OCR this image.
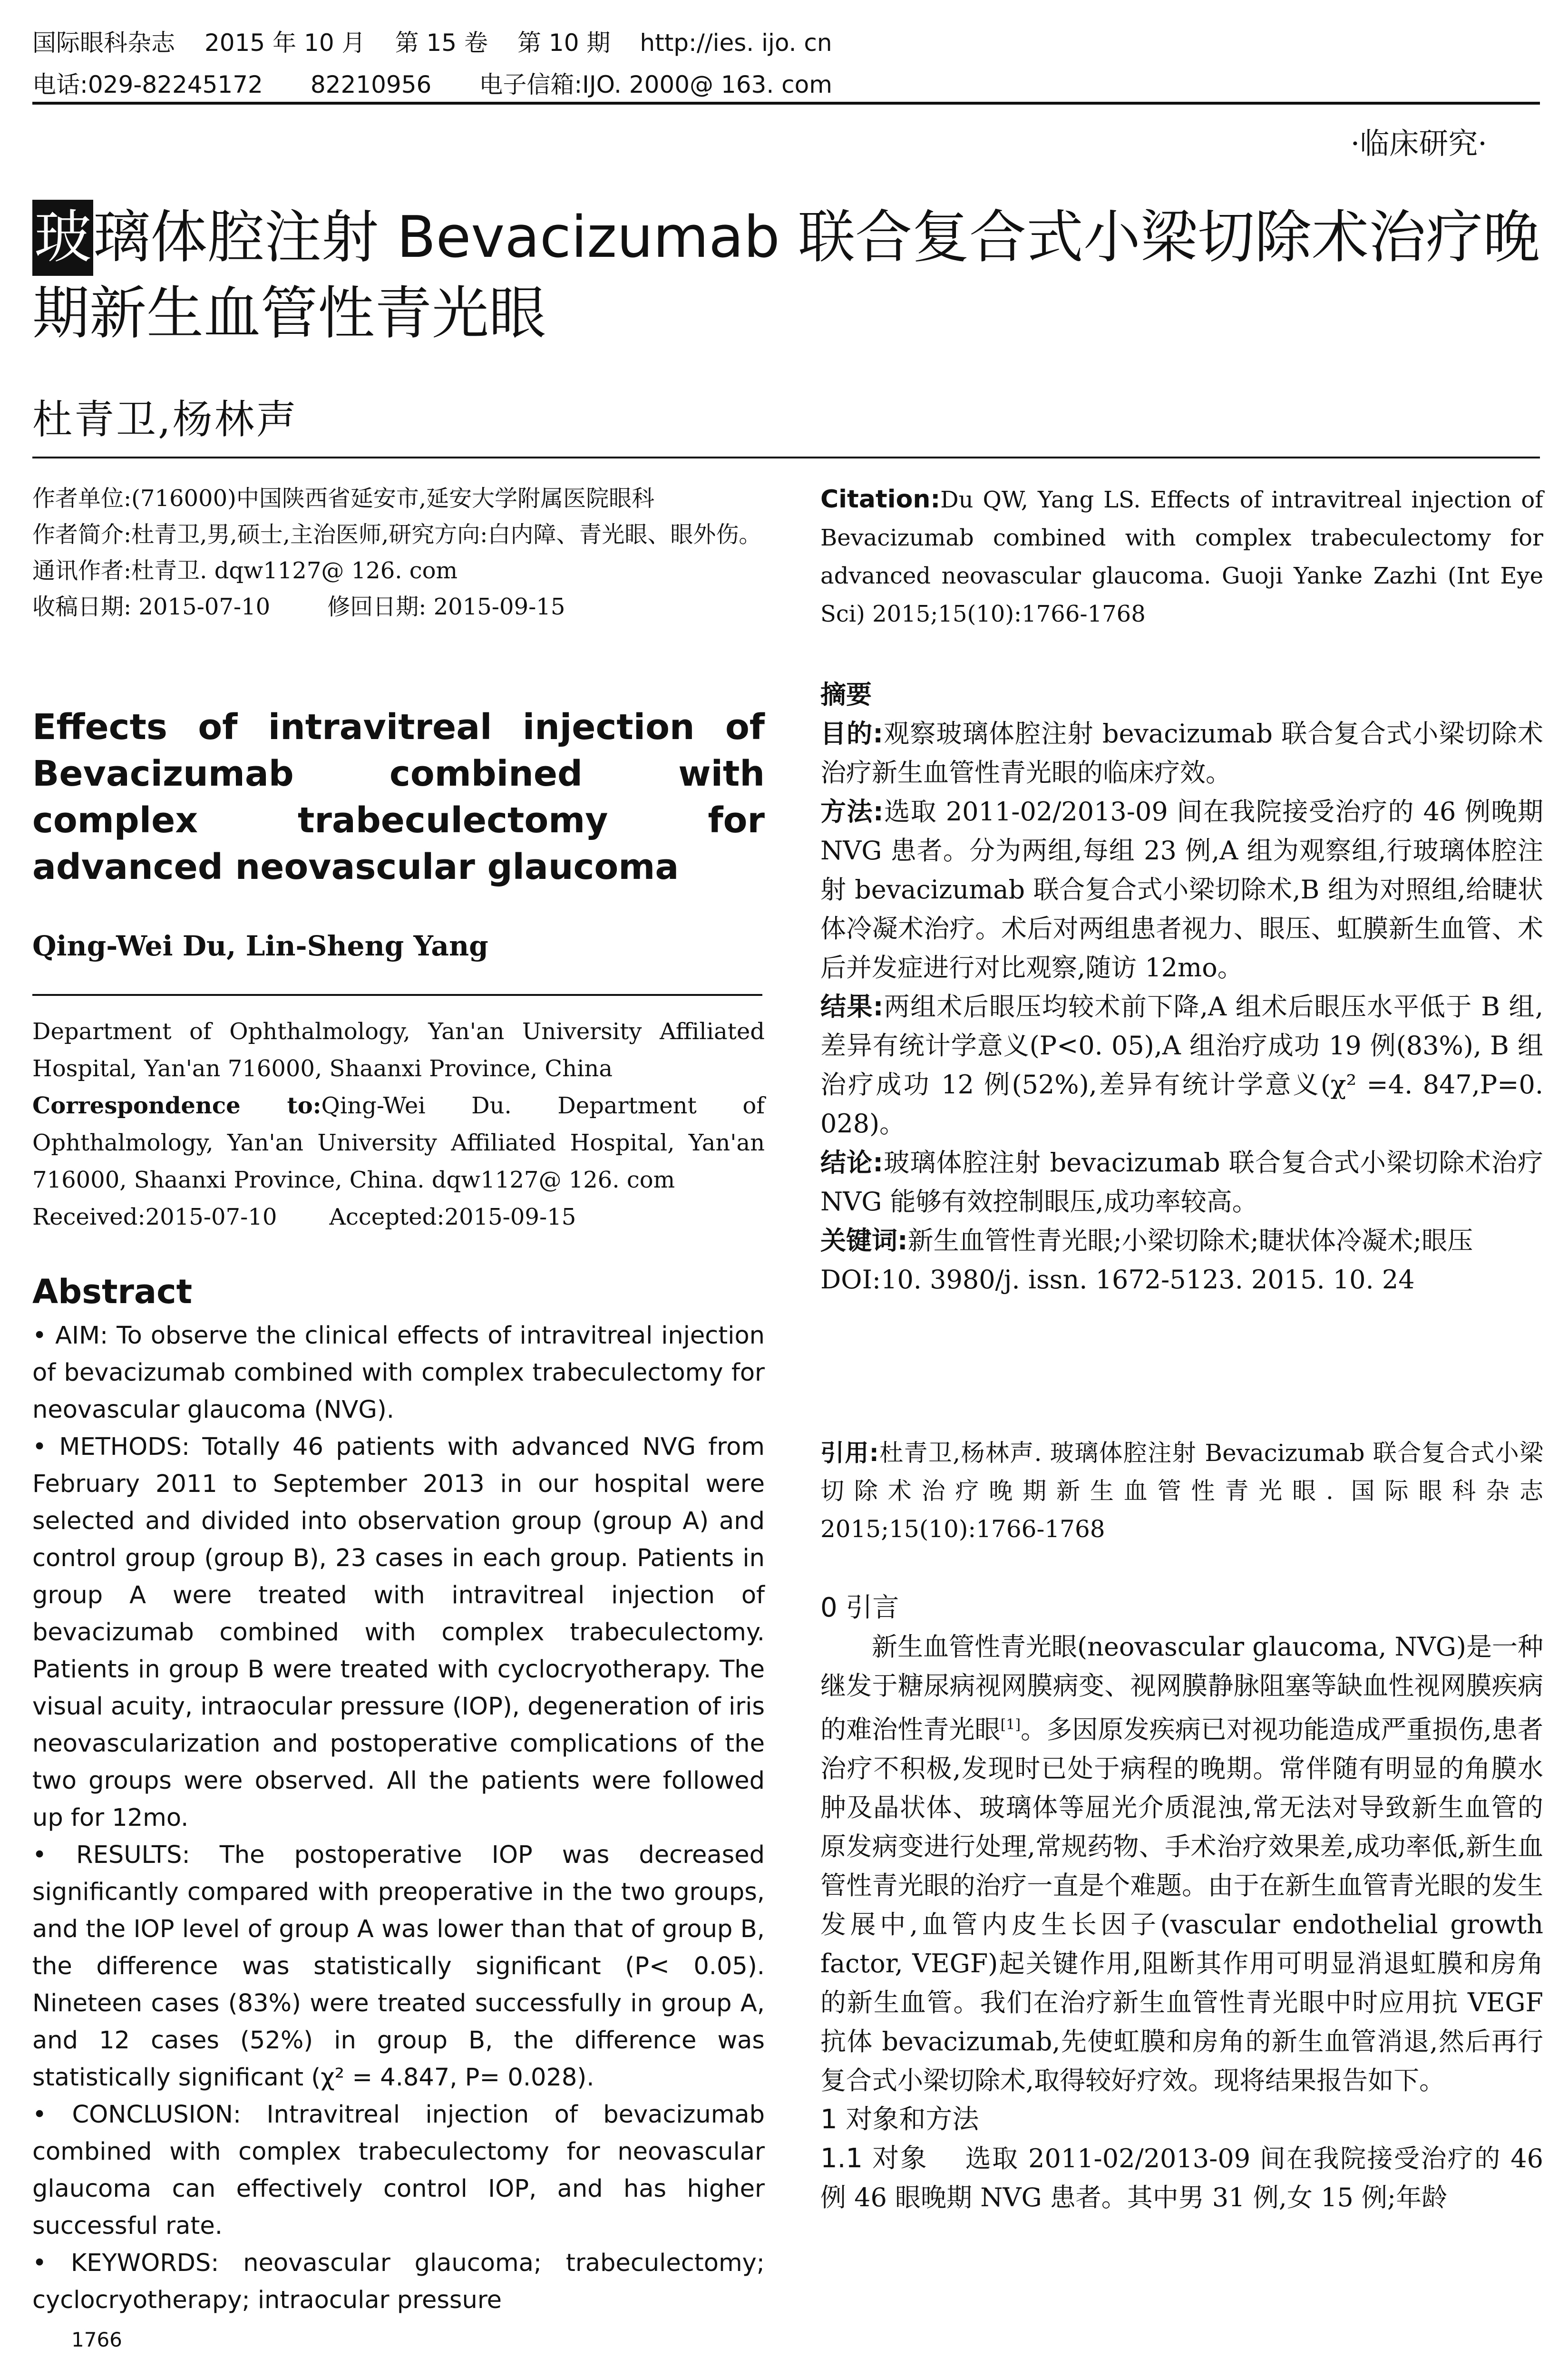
国际眼科杂志 2015 年 10 月 第 15 卷 第 10 期 http://ies. ijo. cn
电话:029-82245172 82210956 电子信箱:IJO. 2000@ 163. com
·临床研究·
玻璃体腔注射 Bevacizumab 联合复合式小梁切除术治疗晚期新生血管性青光眼
杜青卫,杨林声

作者单位:(716000)中国陕西省延安市,延安大学附属医院眼科

作者简介:杜青卫,男,硕士,主治医师,研究方向:白内障、青光眼、眼外伤。

通讯作者:杜青卫. dqw1127@ 126. com

收稿日期: 2015-07-10	修回日期: 2015-09-15

Effects of intravitreal injection of Bevacizumab combined with complex trabeculectomy for advanced neovascular glaucoma
Qing-Wei Du, Lin-Sheng Yang

Department of Ophthalmology, Yan'an University Affiliated Hospital, Yan'an 716000, Shaanxi Province, China

Correspondence to:Qing-Wei Du. Department of Ophthalmology, Yan'an University Affiliated Hospital, Yan'an 716000, Shaanxi Province, China. dqw1127@ 126. com

Received:2015-07-10 Accepted:2015-09-15

Abstract

• AIM: To observe the clinical effects of intravitreal injection of bevacizumab combined with complex trabeculectomy for neovascular glaucoma (NVG).

• METHODS: Totally 46 patients with advanced NVG from February 2011 to September 2013 in our hospital were selected and divided into observation group (group A) and control group (group B), 23 cases in each group. Patients in group A were treated with intravitreal injection of bevacizumab combined with complex trabeculectomy. Patients in group B were treated with cyclocryotherapy. The visual acuity, intraocular pressure (IOP), degeneration of iris neovascularization and postoperative complications of the two groups were observed. All the patients were followed up for 12mo.

• RESULTS: The postoperative IOP was decreased significantly compared with preoperative in the two groups, and the IOP level of group A was lower than that of group B, the difference was statistically significant (P< 0.05). Nineteen cases (83%) were treated successfully in group A, and 12 cases (52%) in group B, the difference was statistically significant (χ² = 4.847, P= 0.028).

• CONCLUSION: Intravitreal injection of bevacizumab combined with complex trabeculectomy for neovascular glaucoma can effectively control IOP, and has higher successful rate.

• KEYWORDS: neovascular glaucoma; trabeculectomy; cyclocryotherapy; intraocular pressure

1766
Citation:Du QW, Yang LS. Effects of intravitreal injection of Bevacizumab combined with complex trabeculectomy for advanced neovascular glaucoma. Guoji Yanke Zazhi (Int Eye Sci) 2015;15(10):1766-1768

摘要

目的:观察玻璃体腔注射 bevacizumab 联合复合式小梁切除术治疗新生血管性青光眼的临床疗效。

方法:选取 2011-02/2013-09 间在我院接受治疗的 46 例晚期 NVG 患者。分为两组,每组 23 例,A 组为观察组,行玻璃体腔注射 bevacizumab 联合复合式小梁切除术,B 组为对照组,给睫状体冷凝术治疗。术后对两组患者视力、眼压、虹膜新生血管、术后并发症进行对比观察,随访 12mo。

结果:两组术后眼压均较术前下降,A 组术后眼压水平低于 B 组,差异有统计学意义(P<0. 05),A 组治疗成功 19 例(83%), B 组治疗成功 12 例(52%),差异有统计学意义(χ² =4. 847,P=0. 028)。

结论:玻璃体腔注射 bevacizumab 联合复合式小梁切除术治疗 NVG 能够有效控制眼压,成功率较高。

关键词:新生血管性青光眼;小梁切除术;睫状体冷凝术;眼压

DOI:10. 3980/j. issn. 1672-5123. 2015. 10. 24

引用:杜青卫,杨林声. 玻璃体腔注射 Bevacizumab 联合复合式小梁切除术治疗晚期新生血管性青光眼. 国际眼科杂志 2015;15(10):1766-1768

0 引言

新生血管性青光眼(neovascular glaucoma, NVG)是一种继发于糖尿病视网膜病变、视网膜静脉阻塞等缺血性视网膜疾病的难治性青光眼[1]。多因原发疾病已对视功能造成严重损伤,患者治疗不积极,发现时已处于病程的晚期。常伴随有明显的角膜水肿及晶状体、玻璃体等屈光介质混浊,常无法对导致新生血管的原发病变进行处理,常规药物、手术治疗效果差,成功率低,新生血管性青光眼的治疗一直是个难题。由于在新生血管青光眼的发生发展中,血管内皮生长因子(vascular endothelial growth factor, VEGF)起关键作用,阻断其作用可明显消退虹膜和房角的新生血管。我们在治疗新生血管性青光眼中时应用抗 VEGF 抗体 bevacizumab,先使虹膜和房角的新生血管消退,然后再行复合式小梁切除术,取得较好疗效。现将结果报告如下。

1 对象和方法

1.1 对象 选取 2011-02/2013-09 间在我院接受治疗的 46 例 46 眼晚期 NVG 患者。其中男 31 例,女 15 例;年龄
